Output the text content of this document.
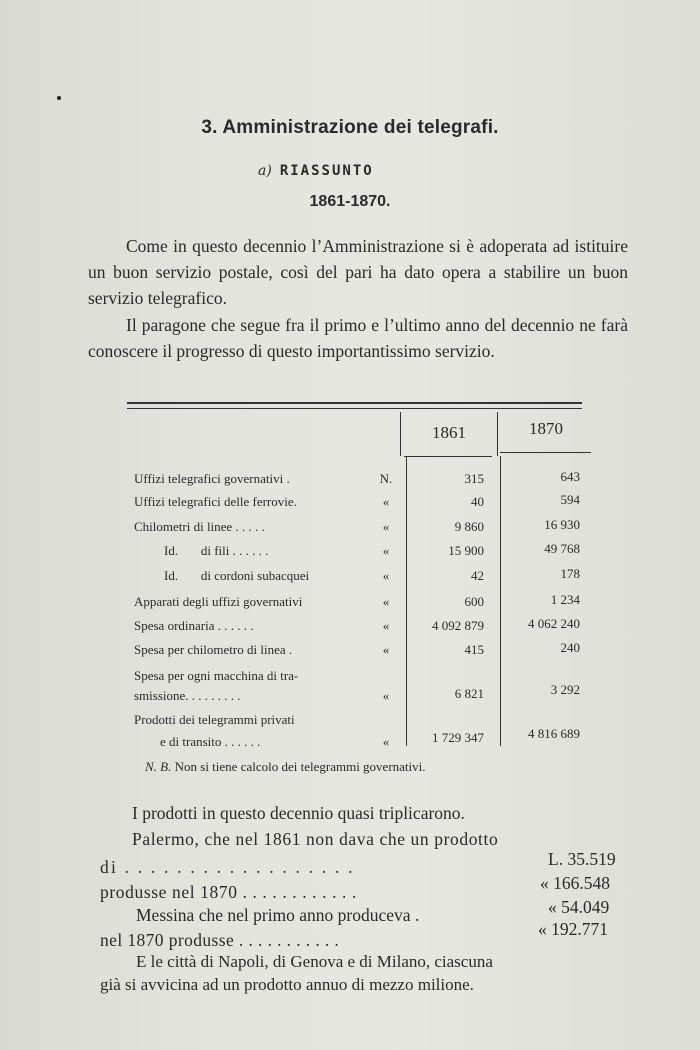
3. Amministrazione dei telegrafi.
a) RIASSUNTO
1861-1870.

Come in questo decennio l’Amministrazione si è adoperata ad istituire un buon servizio postale, così del pari ha dato opera a stabilire un buon servizio telegrafico.

Il paragone che segue fra il primo e l’ultimo anno del decennio ne farà conoscere il progresso di questo importantissimo servizio.

1861	1870
Uffizi telegrafici governativi .	N.	315	643
Uffizi telegrafici delle ferrovie.	«	40	594
Chilometri di linee . . . . .	«	9 860	16 930
Id.       di fili . . . . . .	«	15 900	49 768
Id.       di cordoni subacquei	«	42	178
Apparati degli uffizi governativi	«	600	1 234
Spesa ordinaria . . . . . .	«	4 092 879	4 062 240
Spesa per chilometro di linea .	«	415	240
Spesa per ogni macchina di tra-
smissione. . . . . . . . .	«	6 821	3 292
Prodotti dei telegrammi privati
e di transito . . . . . .	«	1 729 347	4 816 689
N. B. Non si tiene calcolo dei telegrammi governativi.
I prodotti in questo decennio quasi triplicarono.
Palermo, che nel 1861 non dava che un prodotto
di . . . . . . . . . . . . . . . . . .	L. 35.519
produsse nel 1870 . . . . . . . . . . . .	« 166.548
Messina che nel primo anno produceva .	« 54.049
nel 1870 produsse . . . . . . . . . . .
« 192.771
E le città di Napoli, di Genova e di Milano, ciascuna
già si avvicina ad un prodotto annuo di mezzo milione.
